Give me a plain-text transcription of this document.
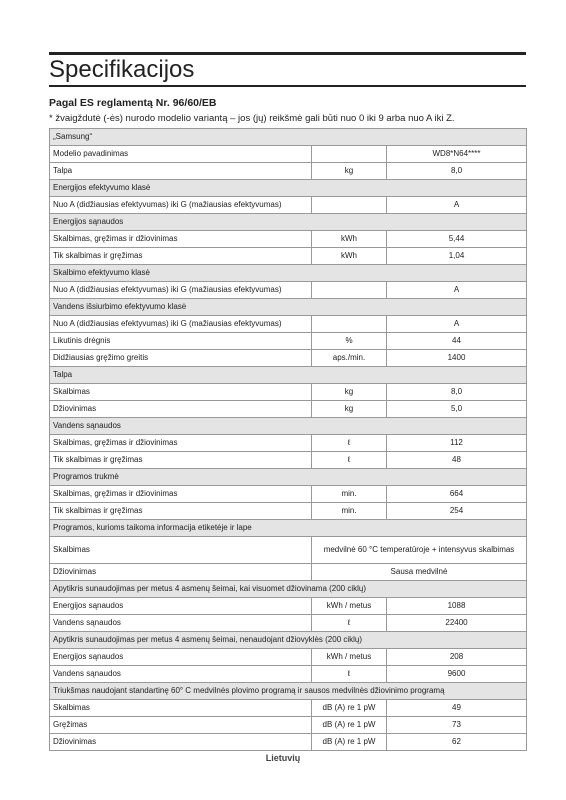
Specifikacijos
Pagal ES reglamentą Nr. 96/60/EB
* žvaigždutė (-ės) nurodo modelio variantą – jos (jų) reikšmė gali būti nuo 0 iki 9 arba nuo A iki Z.
„Samsung“		
Modelio pavadinimas		WD8*N64****
Talpa	kg	8,0
Energijos efektyvumo klasė		
Nuo A (didžiausias efektyvumas) iki G (mažiausias efektyvumas)		A
Energijos sąnaudos		
Skalbimas, gręžimas ir džiovinimas	kWh	5,44
Tik skalbimas ir gręžimas	kWh	1,04
Skalbimo efektyvumo klasė		
Nuo A (didžiausias efektyvumas) iki G (mažiausias efektyvumas)		A
Vandens išsiurbimo efektyvumo klasė		
Nuo A (didžiausias efektyvumas) iki G (mažiausias efektyvumas)		A
Likutinis drėgnis	%	44
Didžiausias gręžimo greitis	aps./min.	1400
Talpa		
Skalbimas	kg	8,0
Džiovinimas	kg	5,0
Vandens sąnaudos		
Skalbimas, gręžimas ir džiovinimas	ℓ	112
Tik skalbimas ir gręžimas	ℓ	48
Programos trukmė		
Skalbimas, gręžimas ir džiovinimas	min.	664
Tik skalbimas ir gręžimas	min.	254
Programos, kurioms taikoma informacija etiketėje ir lape		
Skalbimas	medvilnė 60 °C temperatūroje + intensyvus skalbimas	
Džiovinimas	Sausa medvilnė	
Apytikris sunaudojimas per metus 4 asmenų šeimai, kai visuomet džiovinama (200 ciklų)		
Energijos sąnaudos	kWh / metus	1088
Vandens sąnaudos	ℓ	22400
Apytikris sunaudojimas per metus 4 asmenų šeimai, nenaudojant džiovyklės (200 ciklų)		
Energijos sąnaudos	kWh / metus	208
Vandens sąnaudos	ℓ	9600
Triukšmas naudojant standartinę 60° C medvilnės plovimo programą ir sausos medvilnės džiovinimo programą		
Skalbimas	dB (A) re 1 pW	49
Gręžimas	dB (A) re 1 pW	73
Džiovinimas	dB (A) re 1 pW	62
Lietuvių
